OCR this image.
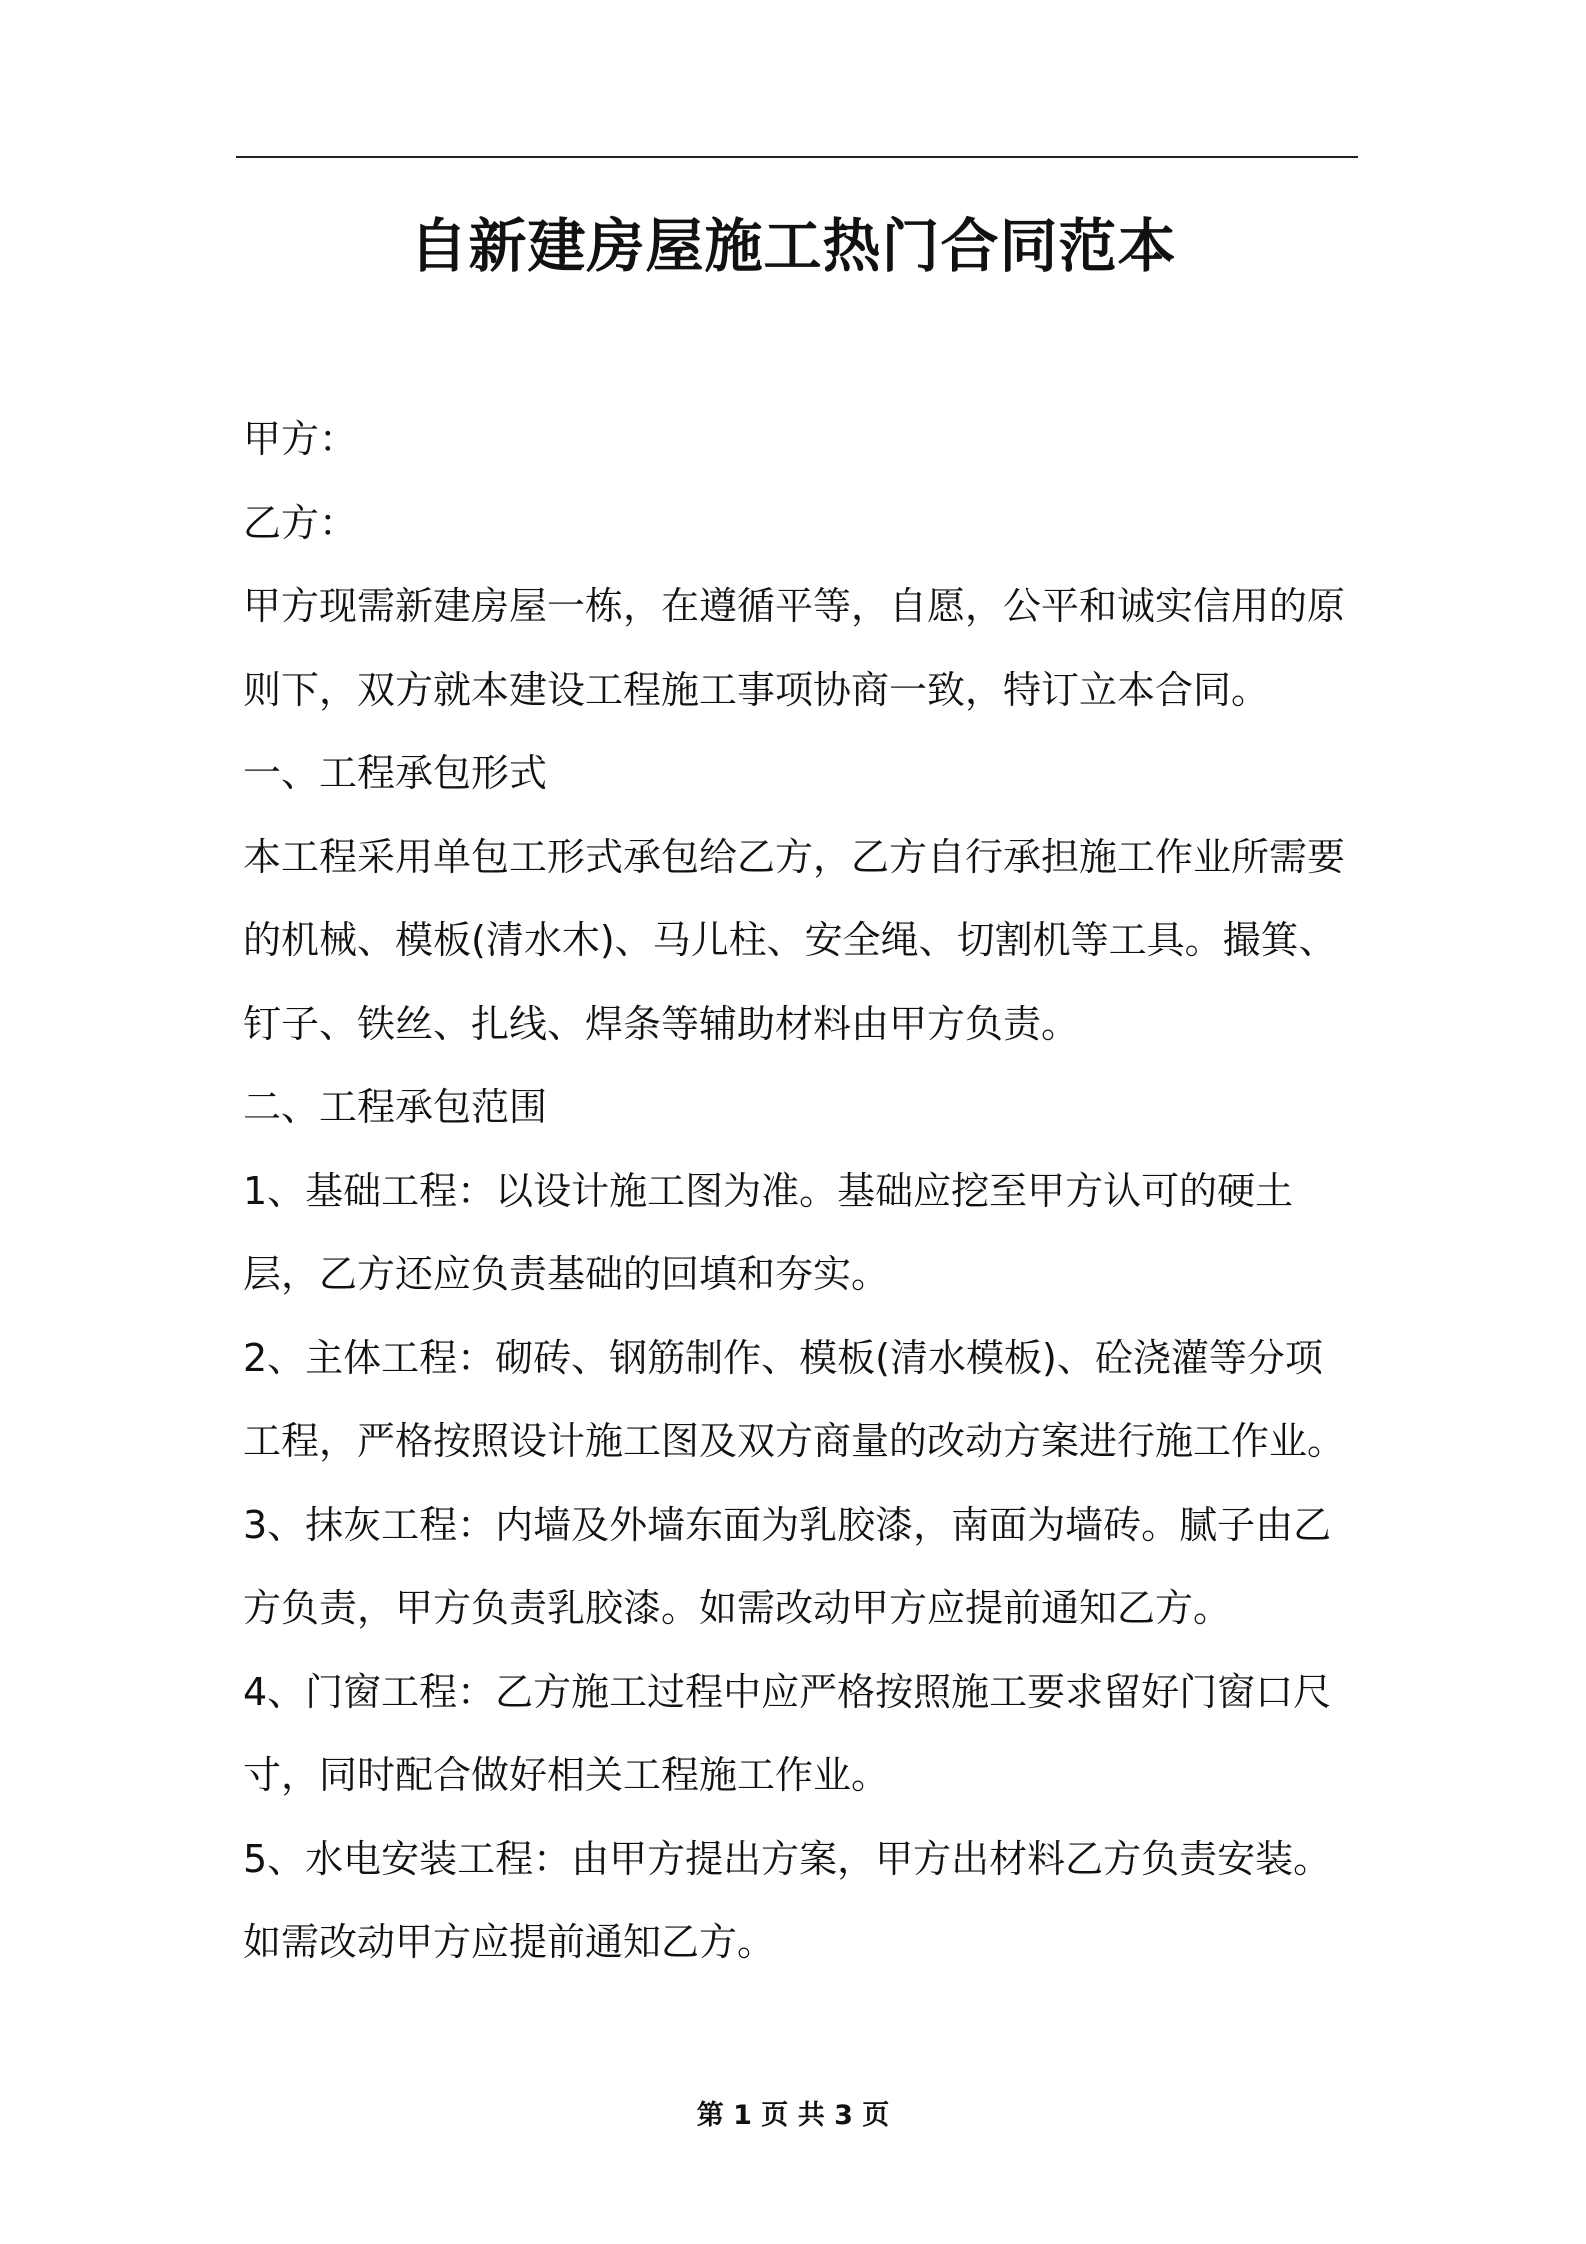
自新建房屋施工热门合同范本

甲方：

乙方：

甲方现需新建房屋一栋，在遵循平等，自愿，公平和诚实信用的原则下，双方就本建设工程施工事项协商一致，特订立本合同。

一、工程承包形式

本工程采用单包工形式承包给乙方，乙方自行承担施工作业所需要的机械、模板(清水木)、马儿柱、安全绳、切割机等工具。撮箕、钉子、铁丝、扎线、焊条等辅助材料由甲方负责。

二、工程承包范围

1、基础工程：以设计施工图为准。基础应挖至甲方认可的硬土层，乙方还应负责基础的回填和夯实。

2、主体工程：砌砖、钢筋制作、模板(清水模板)、砼浇灌等分项工程，严格按照设计施工图及双方商量的改动方案进行施工作业。

3、抹灰工程：内墙及外墙东面为乳胶漆，南面为墙砖。腻子由乙方负责，甲方负责乳胶漆。如需改动甲方应提前通知乙方。

4、门窗工程：乙方施工过程中应严格按照施工要求留好门窗口尺寸，同时配合做好相关工程施工作业。

5、水电安装工程：由甲方提出方案，甲方出材料乙方负责安装。如需改动甲方应提前通知乙方。

第 1 页 共 3 页
